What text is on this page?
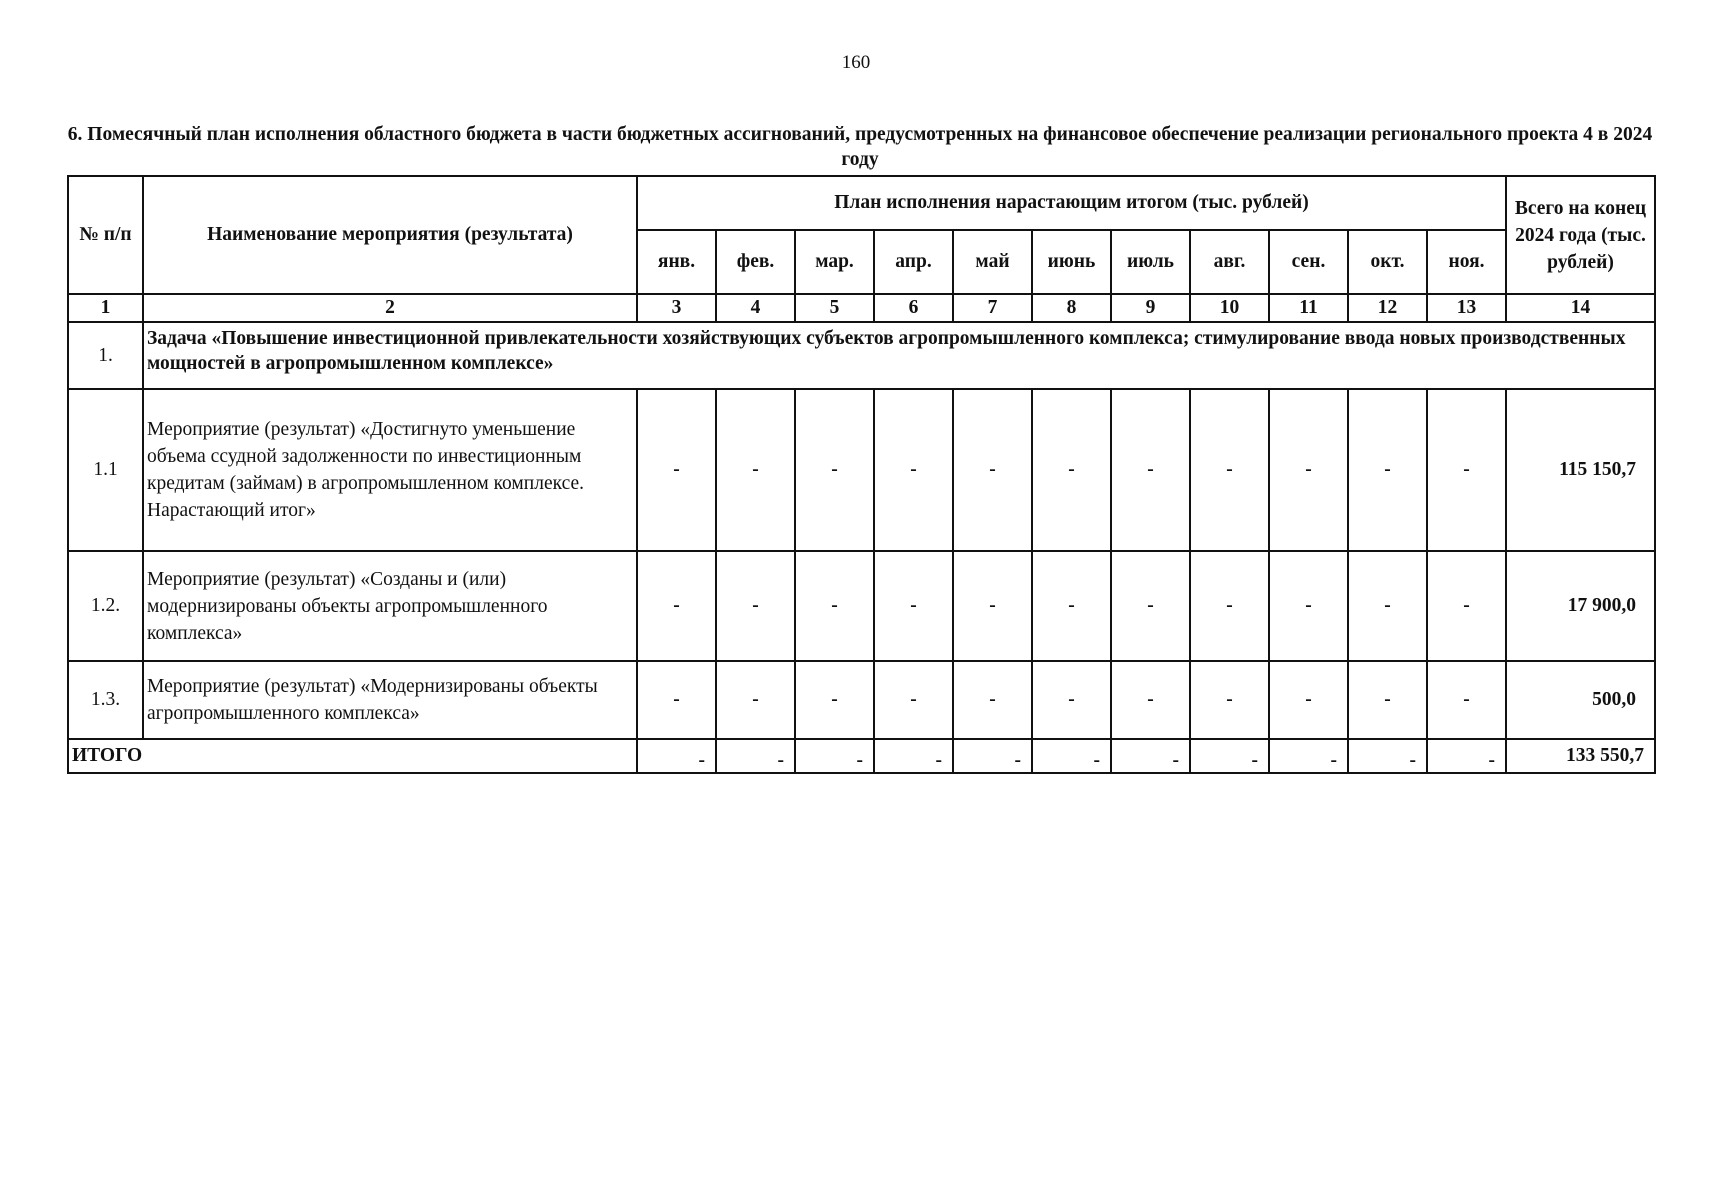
160
6. Помесячный план исполнения областного бюджета в части бюджетных ассигнований, предусмотренных на финансовое обеспечение реализации регионального проекта 4 в 2024 году
№ п/п	Наименование мероприятия (результата)	План исполнения нарастающим итогом (тыс. рублей)											Всего на конец 2024 года (тыс. рублей)
		янв.	фев.	мар.	апр.	май	июнь	июль	авг.	сен.	окт.	ноя.	
1	2	3	4	5	6	7	8	9	10	11	12	13	14
1.	Задача «Повышение инвестиционной привлекательности хозяйствующих субъектов агропромышленного комплекса; стимулирование ввода новых производственных мощностей в агропромышленном комплексе»												
1.1	Мероприятие (результат) «Достигнуто уменьшение объема ссудной задолженности по инвестиционным кредитам (займам) в агропромышленном комплексе. Нарастающий итог»	-	-	-	-	-	-	-	-	-	-	-	115 150,7
1.2.	Мероприятие (результат) «Созданы и (или) модернизированы объекты агропромышленного комплекса»	-	-	-	-	-	-	-	-	-	-	-	17 900,0
1.3.	Мероприятие (результат) «Модернизированы объекты агропромышленного комплекса»	-	-	-	-	-	-	-	-	-	-	-	500,0
ИТОГО		-	-	-	-	-	-	-	-	-	-	-	133 550,7
